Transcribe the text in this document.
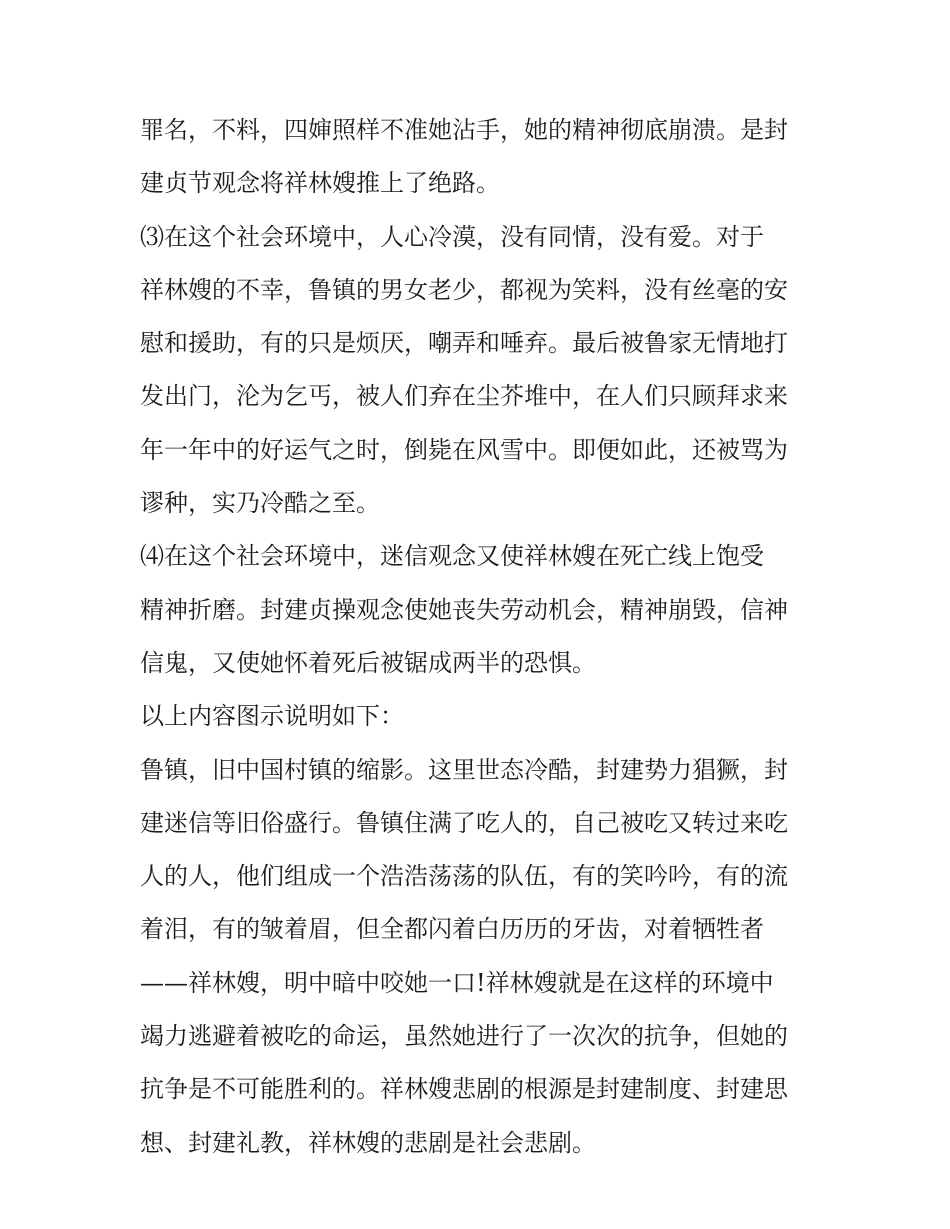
罪名，不料，四婶照样不准她沾手，她的精神彻底崩溃。是封
建贞节观念将祥林嫂推上了绝路。
⑶在这个社会环境中，人心冷漠，没有同情，没有爱。对于
祥林嫂的不幸，鲁镇的男女老少，都视为笑料，没有丝毫的安
慰和援助，有的只是烦厌，嘲弄和唾弃。最后被鲁家无情地打
发出门，沦为乞丐，被人们弃在尘芥堆中，在人们只顾拜求来
年一年中的好运气之时，倒毙在风雪中。即便如此，还被骂为
谬种，实乃冷酷之至。
⑷在这个社会环境中，迷信观念又使祥林嫂在死亡线上饱受
精神折磨。封建贞操观念使她丧失劳动机会，精神崩毁，信神
信鬼，又使她怀着死后被锯成两半的恐惧。
以上内容图示说明如下：
鲁镇，旧中国村镇的缩影。这里世态冷酷，封建势力猖獗，封
建迷信等旧俗盛行。鲁镇住满了吃人的，自己被吃又转过来吃
人的人，他们组成一个浩浩荡荡的队伍，有的笑吟吟，有的流
着泪，有的皱着眉，但全都闪着白历历的牙齿，对着牺牲者
——祥林嫂，明中暗中咬她一口!祥林嫂就是在这样的环境中
竭力逃避着被吃的命运，虽然她进行了一次次的抗争，但她的
抗争是不可能胜利的。祥林嫂悲剧的根源是封建制度、封建思
想、封建礼教，祥林嫂的悲剧是社会悲剧。
